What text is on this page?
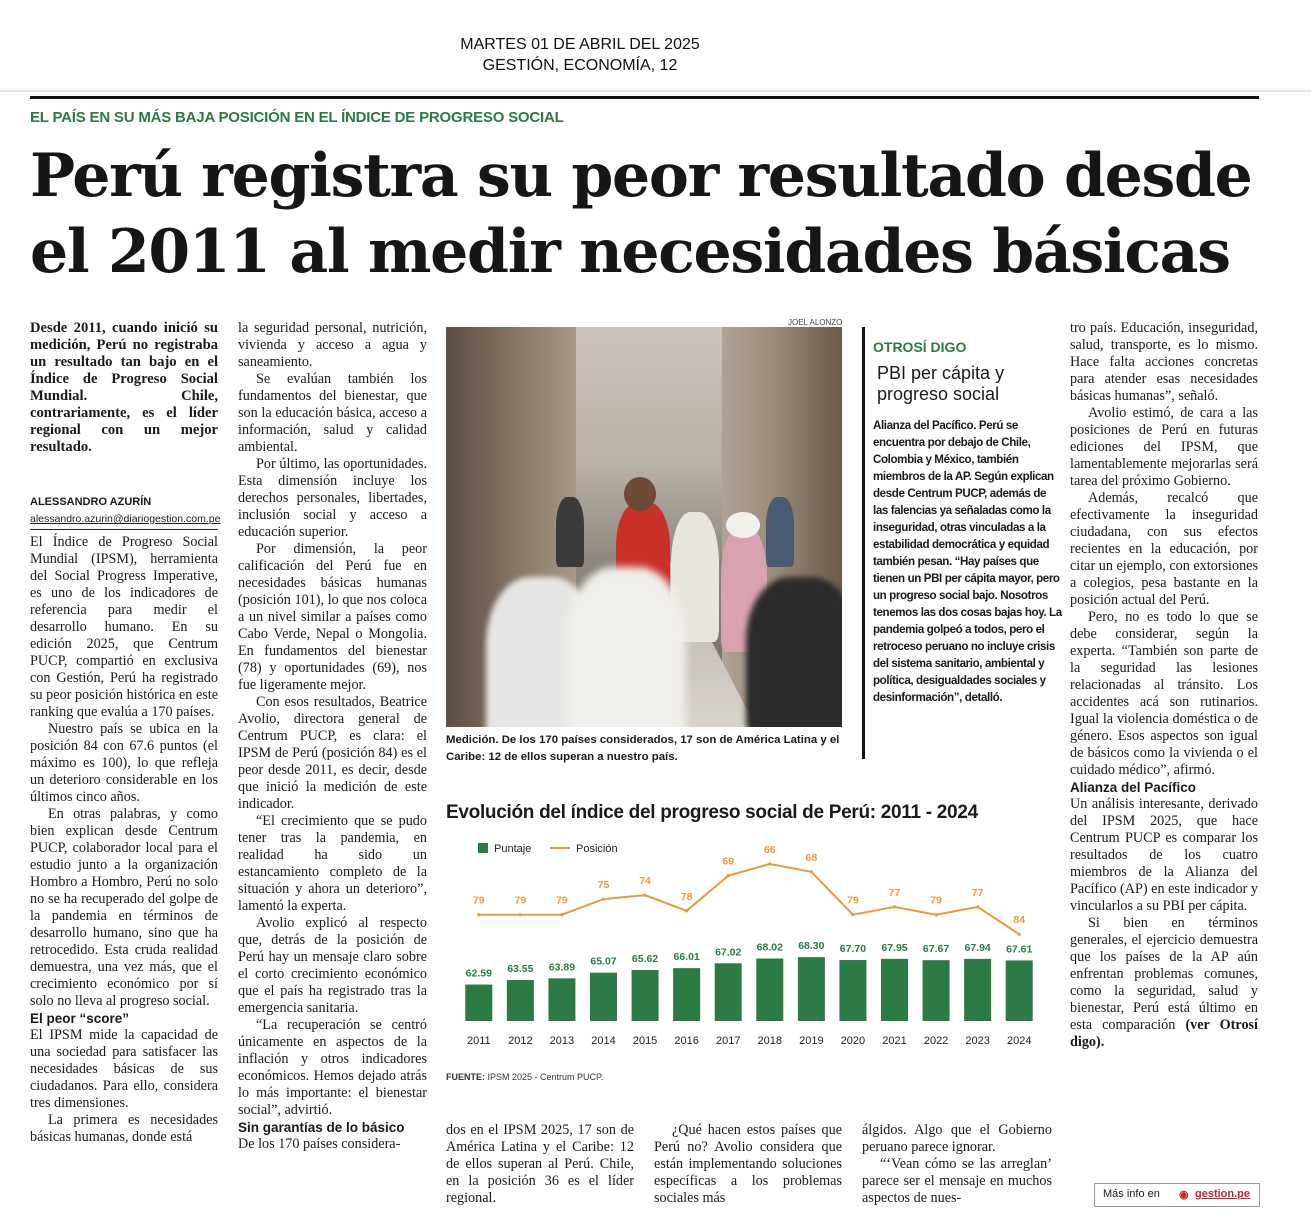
MARTES 01 DE ABRIL DEL 2025
GESTIÓN, ECONOMÍA, 12
EL PAÍS EN SU MÁS BAJA POSICIÓN EN EL ÍNDICE DE PROGRESO SOCIAL
Perú registra su peor resultado desde el 2011 al medir necesidades básicas

Desde 2011, cuando inició su medición, Perú no registraba un resultado tan bajo en el Índice de Progreso Social Mundial. Chile, contrariamente, es el líder regional con un mejor resultado.

ALESSANDRO AZURÍN
alessandro.azurin@diariogestion.com.pe

El Índice de Progreso Social Mundial (IPSM), herramienta del Social Progress Imperative, es uno de los indicadores de referencia para medir el desarrollo humano. En su edición 2025, que Centrum PUCP, compartió en exclusiva con Gestión, Perú ha registrado su peor posición histórica en este ranking que evalúa a 170 países.

Nuestro país se ubica en la posición 84 con 67.6 puntos (el máximo es 100), lo que refleja un deterioro considerable en los últimos cinco años.

En otras palabras, y como bien explican desde Centrum PUCP, colaborador local para el estudio junto a la organización Hombro a Hombro, Perú no solo no se ha recuperado del golpe de la pandemia en términos de desarrollo humano, sino que ha retrocedido. Esta cruda realidad demuestra, una vez más, que el crecimiento económico por sí solo no lleva al progreso social.

El peor “score”

El IPSM mide la capacidad de una sociedad para satisfacer las necesidades básicas de sus ciudadanos. Para ello, considera tres dimensiones.

La primera es necesidades básicas humanas, donde está

la seguridad personal, nutrición, vivienda y acceso a agua y saneamiento.

Se evalúan también los fundamentos del bienestar, que son la educación básica, acceso a información, salud y calidad ambiental.

Por último, las oportunidades. Esta dimensión incluye los derechos personales, libertades, inclusión social y acceso a educación superior.

Por dimensión, la peor calificación del Perú fue en necesidades básicas humanas (posición 101), lo que nos coloca a un nivel similar a países como Cabo Verde, Nepal o Mongolia. En fundamentos del bienestar (78) y oportunidades (69), nos fue ligeramente mejor.

Con esos resultados, Beatrice Avolio, directora general de Centrum PUCP, es clara: el IPSM de Perú (posición 84) es el peor desde 2011, es decir, desde que inició la medición de este indicador.

“El crecimiento que se pudo tener tras la pandemia, en realidad ha sido un estancamiento completo de la situación y ahora un deterioro”, lamentó la experta.

Avolio explicó al respecto que, detrás de la posición de Perú hay un mensaje claro sobre el corto crecimiento económico que el país ha registrado tras la emergencia sanitaria.

“La recuperación se centró únicamente en aspectos de la inflación y otros indicadores económicos. Hemos dejado atrás lo más importante: el bienestar social”, advirtió.

Sin garantías de lo básico

De los 170 países considera-

JOEL ALONZO
Medición. De los 170 países considerados, 17 son de América Latina y el Caribe: 12 de ellos superan a nuestro país.
OTROSÍ DIGO
PBI per cápita y progreso social
Alianza del Pacífico. Perú se encuentra por debajo de Chile, Colombia y México, también miembros de la AP. Según explican desde Centrum PUCP, además de las falencias ya señaladas como la inseguridad, otras vinculadas a la estabilidad democrática y equidad también pesan. “Hay países que tienen un PBI per cápita mayor, pero un progreso social bajo. Nosotros tenemos las dos cosas bajas hoy. La pandemia golpeó a todos, pero el retroceso peruano no incluye crisis del sistema sanitario, ambiental y política, desigualdades sociales y desinformación”, detalló.
Evolución del índice del progreso social de Perú: 2011 - 2024
Puntaje	Posición
62.59
2011
63.55
2012
63.89
2013
65.07
2014
65.62
2015
66.01
2016
67.02
2017
68.02
2018
68.30
2019
67.70
2020
67.95
2021
67.67
2022
67.94
2023
67.61
2024
79	79	79
75	74
78
69
66
68
79
77
79
77
84
FUENTE: IPSM 2025 - Centrum PUCP.

dos en el IPSM 2025, 17 son de América Latina y el Caribe: 12 de ellos superan al Perú. Chile, en la posición 36 es el líder regional.

¿Qué hacen estos países que Perú no? Avolio considera que están implementando soluciones específicas a los problemas sociales más

álgidos. Algo que el Gobierno peruano parece ignorar.

“‘Vean cómo se las arreglan’ parece ser el mensaje en muchos aspectos de nues-

tro país. Educación, inseguridad, salud, transporte, es lo mismo. Hace falta acciones concretas para atender esas necesidades básicas humanas”, señaló.

Avolio estimó, de cara a las posiciones de Perú en futuras ediciones del IPSM, que lamentablemente mejorarlas será tarea del próximo Gobierno.

Además, recalcó que efectivamente la inseguridad ciudadana, con sus efectos recientes en la educación, por citar un ejemplo, con extorsiones a colegios, pesa bastante en la posición actual del Perú.

Pero, no es todo lo que se debe considerar, según la experta. “También son parte de la seguridad las lesiones relacionadas al tránsito. Los accidentes acá son rutinarios. Igual la violencia doméstica o de género. Esos aspectos son igual de básicos como la vivienda o el cuidado médico”, afirmó.

Alianza del Pacífico

Un análisis interesante, derivado del IPSM 2025, que hace Centrum PUCP es comparar los resultados de los cuatro miembros de la Alianza del Pacífico (AP) en este indicador y vincularlos a su PBI per cápita.

Si bien en términos generales, el ejercicio demuestra que los países de la AP aún enfrentan problemas comunes, como la seguridad, salud y bienestar, Perú está último en esta comparación (ver Otrosí digo).

Más info en ◉ gestion.pe
